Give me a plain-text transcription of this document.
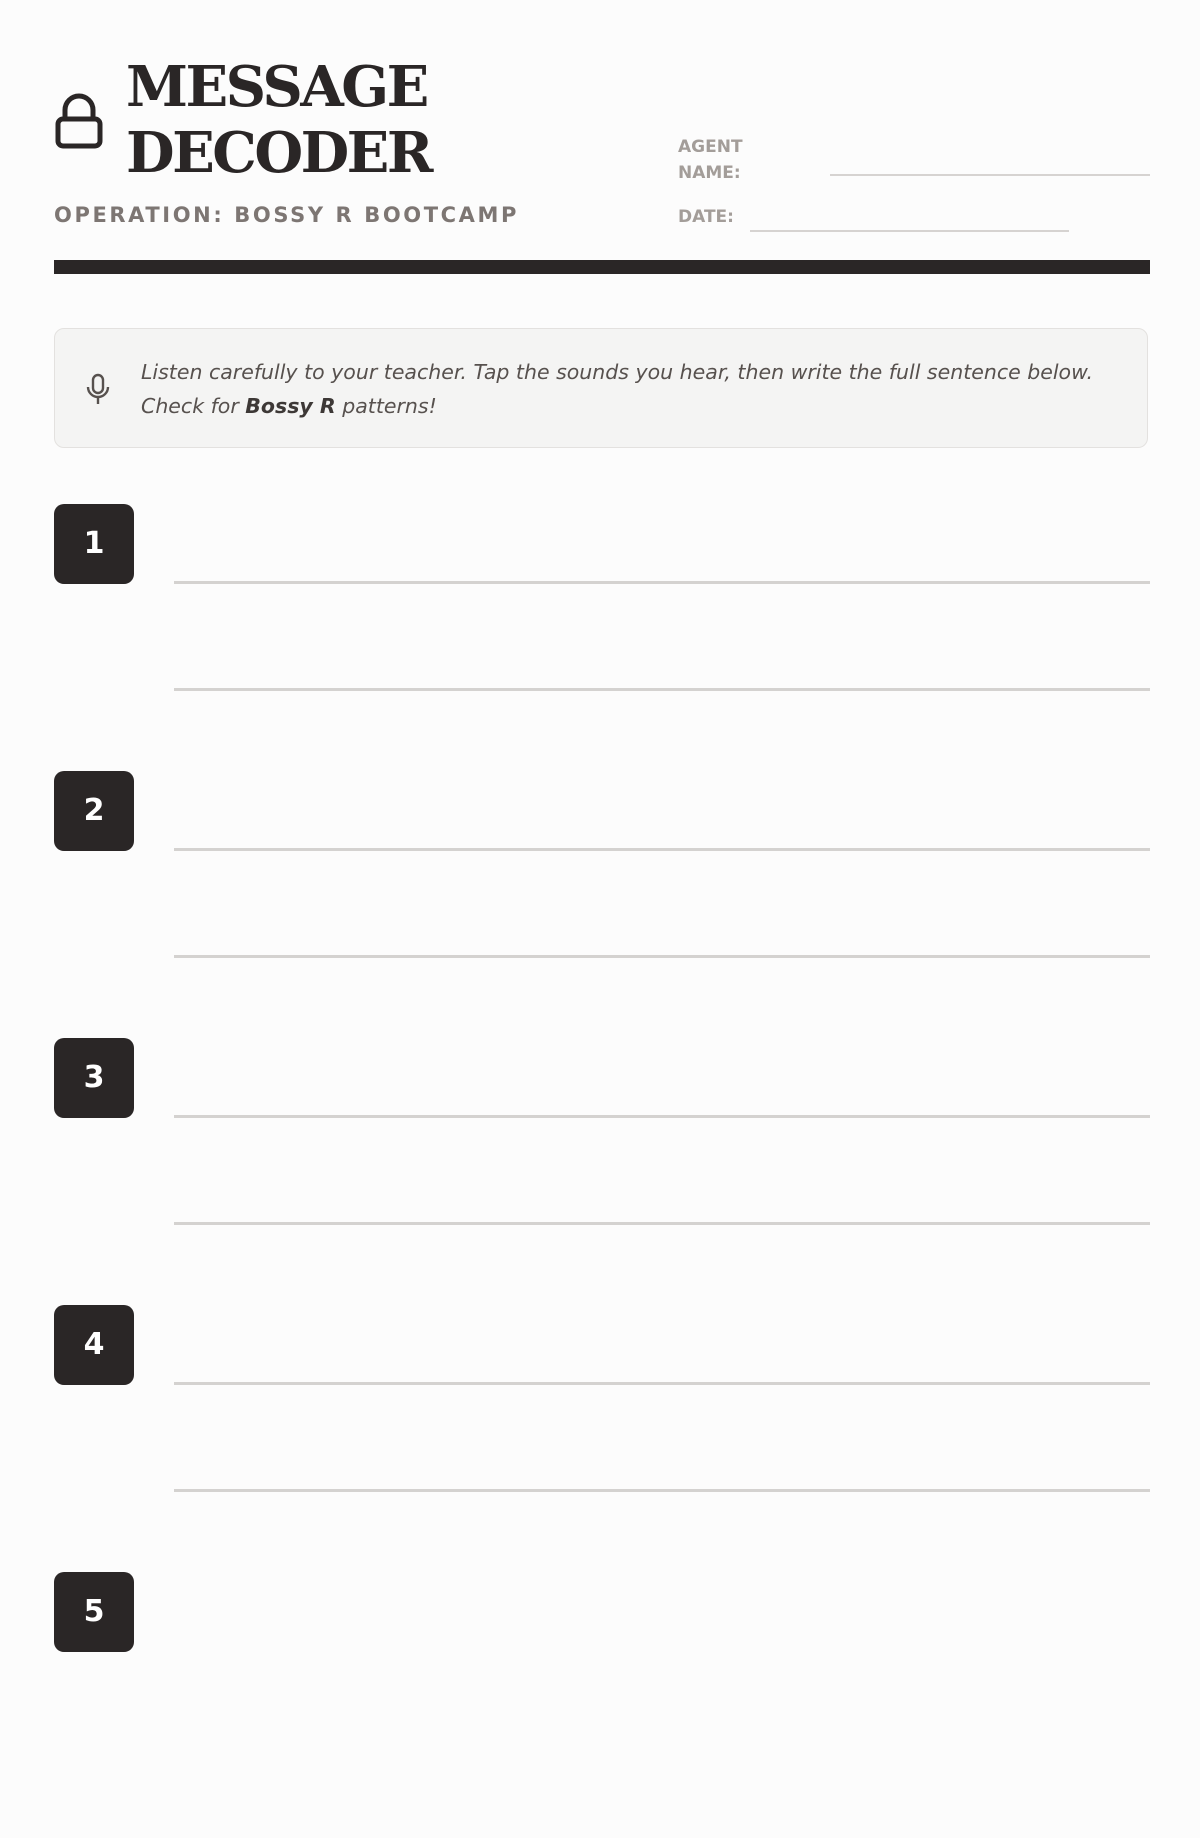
MESSAGE
DECODER
OPERATION: BOSSY R BOOTCAMP
AGENT
NAME:
DATE:
Listen carefully to your teacher. Tap the sounds you hear, then write the full sentence below.
Check for Bossy R patterns!
1
2
3
4
5
